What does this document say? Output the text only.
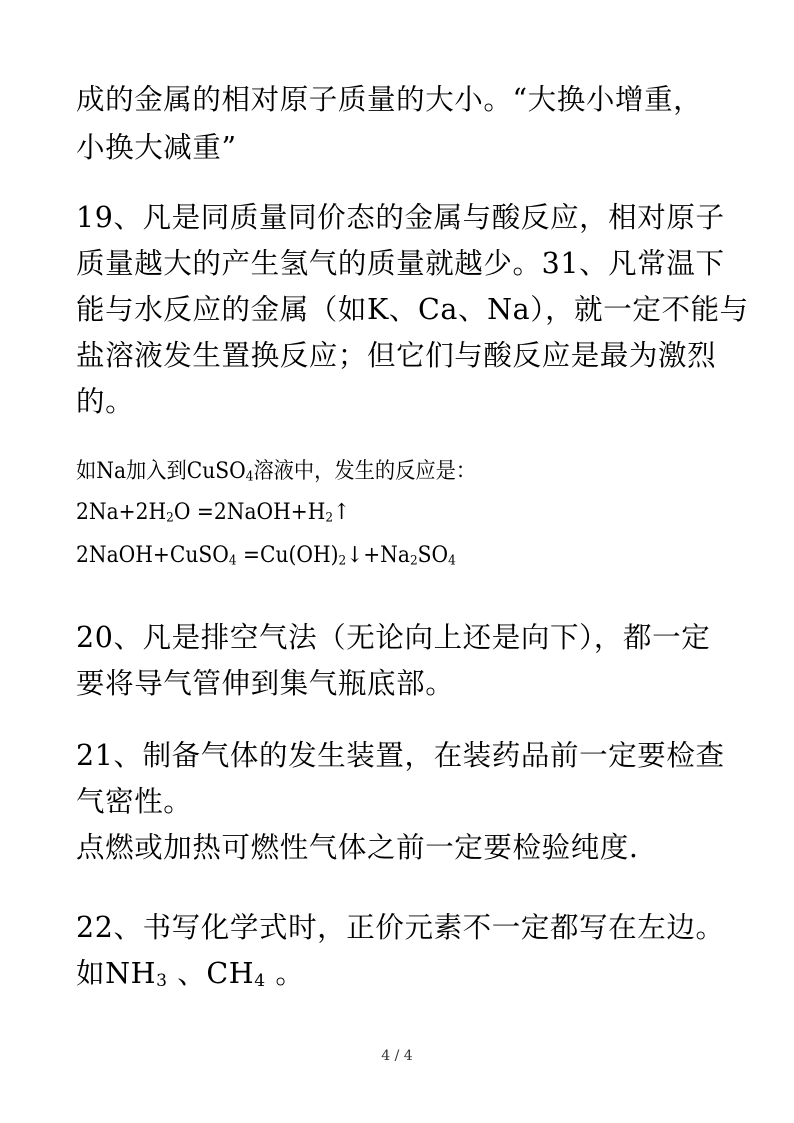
成的金属的相对原子质量的大小。“大换小增重，
小换大减重”
19、凡是同质量同价态的金属与酸反应，相对原子
质量越大的产生氢气的质量就越少。31、凡常温下
能与水反应的金属（如K、Ca、Na），就一定不能与
盐溶液发生置换反应；但它们与酸反应是最为激烈
的。
如Na加入到CuSO$_4$溶液中，发生的反应是：
$2Na+2H_2O$ $=2NaOH+H_2↑$
2NaOH+CuSO$_4$ $=Cu(OH)_2↓+Na_2SO_4$
20、凡是排空气法（无论向上还是向下），都一定
要将导气管伸到集气瓶底部。
21、制备气体的发生装置，在装药品前一定要检查
气密性。
点燃或加热可燃性气体之前一定要检验纯度.
22、书写化学式时，正价元素不一定都写在左边。
如$NH_3$ 、$CH_4$ 。
4 / 4
